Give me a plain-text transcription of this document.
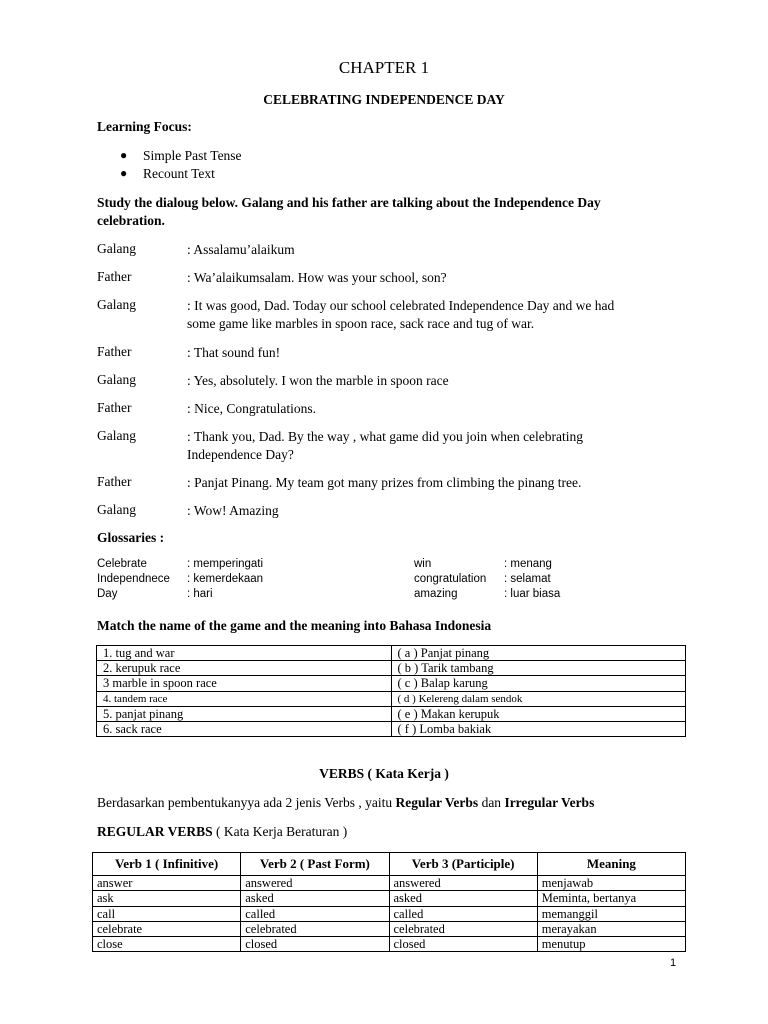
CHAPTER 1
CELEBRATING INDEPENDENCE DAY
Learning Focus:
● Simple Past Tense
● Recount Text
Study the dialoug below. Galang and his father are talking about the Independence Day
celebration.
Galang	: Assalamu’alaikum
Father	: Wa’alaikumsalam. How was your school, son?
Galang	: It was good, Dad. Today our school celebrated Independence Day and we had
some game like marbles in spoon race, sack race and tug of war.
Father	: That sound fun!
Galang	: Yes, absolutely. I won the marble in spoon race
Father	: Nice, Congratulations.
Galang	: Thank you, Dad. By the way , what game did you join when celebrating
Independence Day?
Father	: Panjat Pinang. My team got many prizes from climbing the pinang tree.
Galang	: Wow! Amazing
Glossaries :
Celebrate	: memperingati
Independnece : kemerdekaan
Day	: hari
win	: menang
congratulation : selamat
amazing	: luar biasa
Match the name of the game and the meaning into Bahasa Indonesia
1. tug and war	( a ) Panjat pinang
2. kerupuk race	( b ) Tarik tambang
3 marble in spoon race	( c ) Balap karung
4. tandem race	( d ) Kelereng dalam sendok
5. panjat pinang	( e ) Makan kerupuk
6. sack race	( f ) Lomba bakiak
VERBS ( Kata Kerja )
Berdasarkan pembentukanyya ada 2 jenis Verbs , yaitu Regular Verbs dan Irregular Verbs
REGULAR VERBS ( Kata Kerja Beraturan )
Verb 1 ( Infinitive)	Verb 2 ( Past Form)	Verb 3 (Participle)	Meaning
answer	answered	answered	menjawab
ask	asked	asked	Meminta, bertanya
call	called	called	memanggil
celebrate	celebrated	celebrated	merayakan
close	closed	closed	menutup
1
